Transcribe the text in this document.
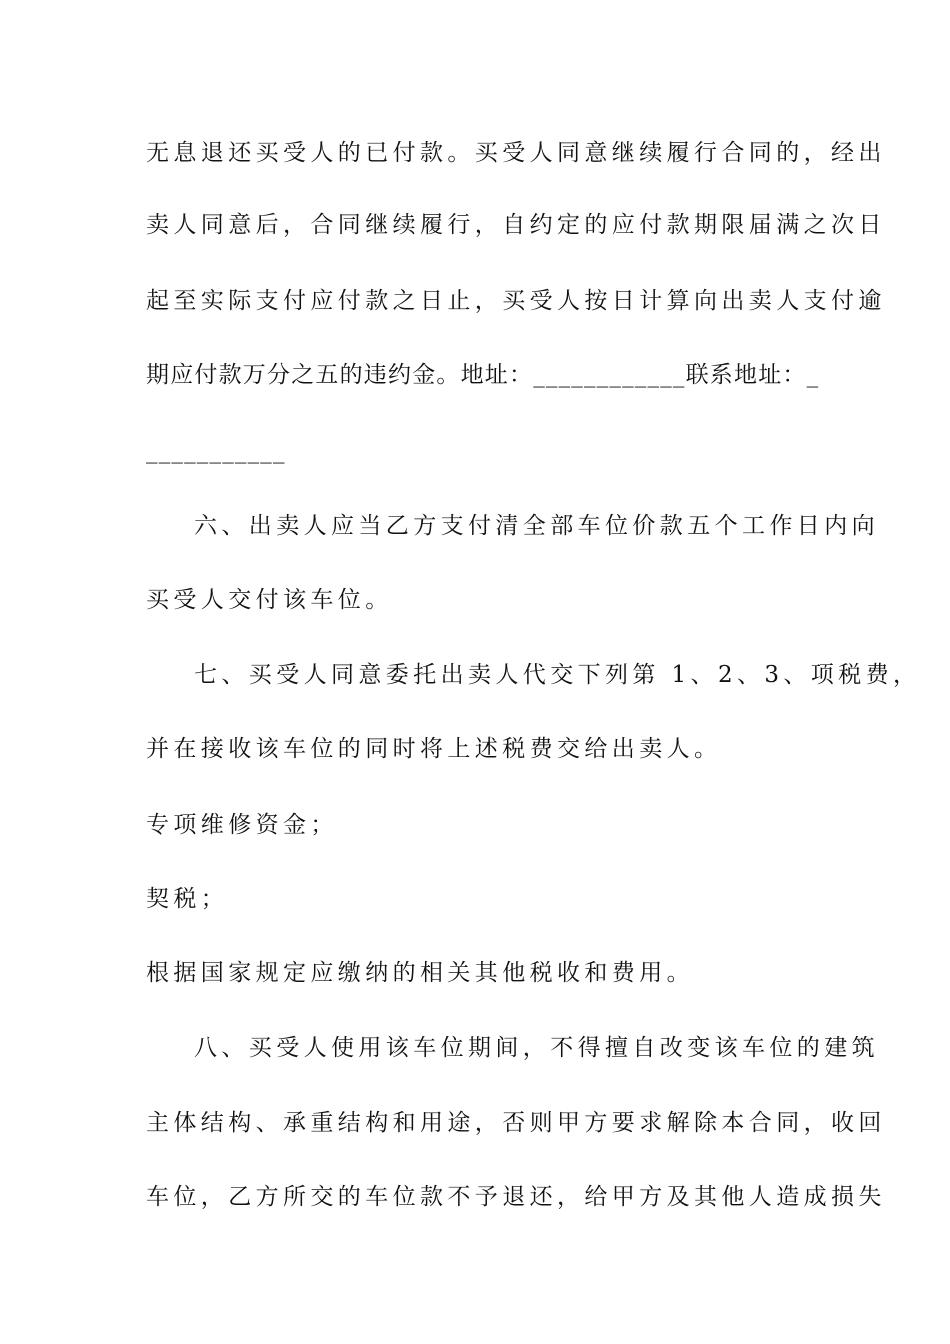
无息退还买受人的已付款。买受人同意继续履行合同的，经出
卖人同意后，合同继续履行，自约定的应付款期限届满之次日
起至实际支付应付款之日止，买受人按日计算向出卖人支付逾
期应付款万分之五的违约金。地址：____________联系地址：_
___________
六、出卖人应当乙方支付清全部车位价款五个工作日内向
买受人交付该车位。
七、买受人同意委托出卖人代交下列第 1、2、3、项税费，
并在接收该车位的同时将上述税费交给出卖人。
专项维修资金；
契税；
根据国家规定应缴纳的相关其他税收和费用。
八、买受人使用该车位期间，不得擅自改变该车位的建筑
主体结构、承重结构和用途，否则甲方要求解除本合同，收回
车位，乙方所交的车位款不予退还，给甲方及其他人造成损失
